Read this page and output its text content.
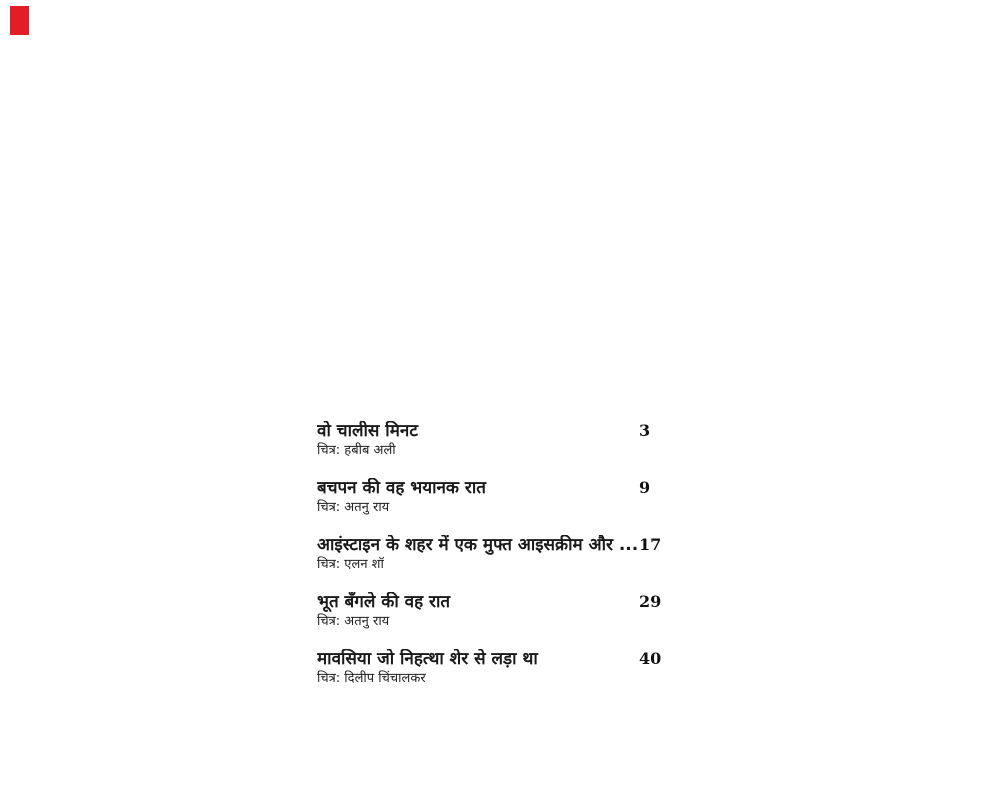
वो चालीस मिनट	3
चित्र: हबीब अली
बचपन की वह भयानक रात	9
चित्र: अतनु राय
आइंस्टाइन के शहर में एक मुफ्त आइसक्रीम और ... 17
चित्र: एलन शॉ
भूत बँगले की वह रात	29
चित्र: अतनु राय
मावसिया जो निहत्था शेर से लड़ा था	40
चित्र: दिलीप चिंचालकर
